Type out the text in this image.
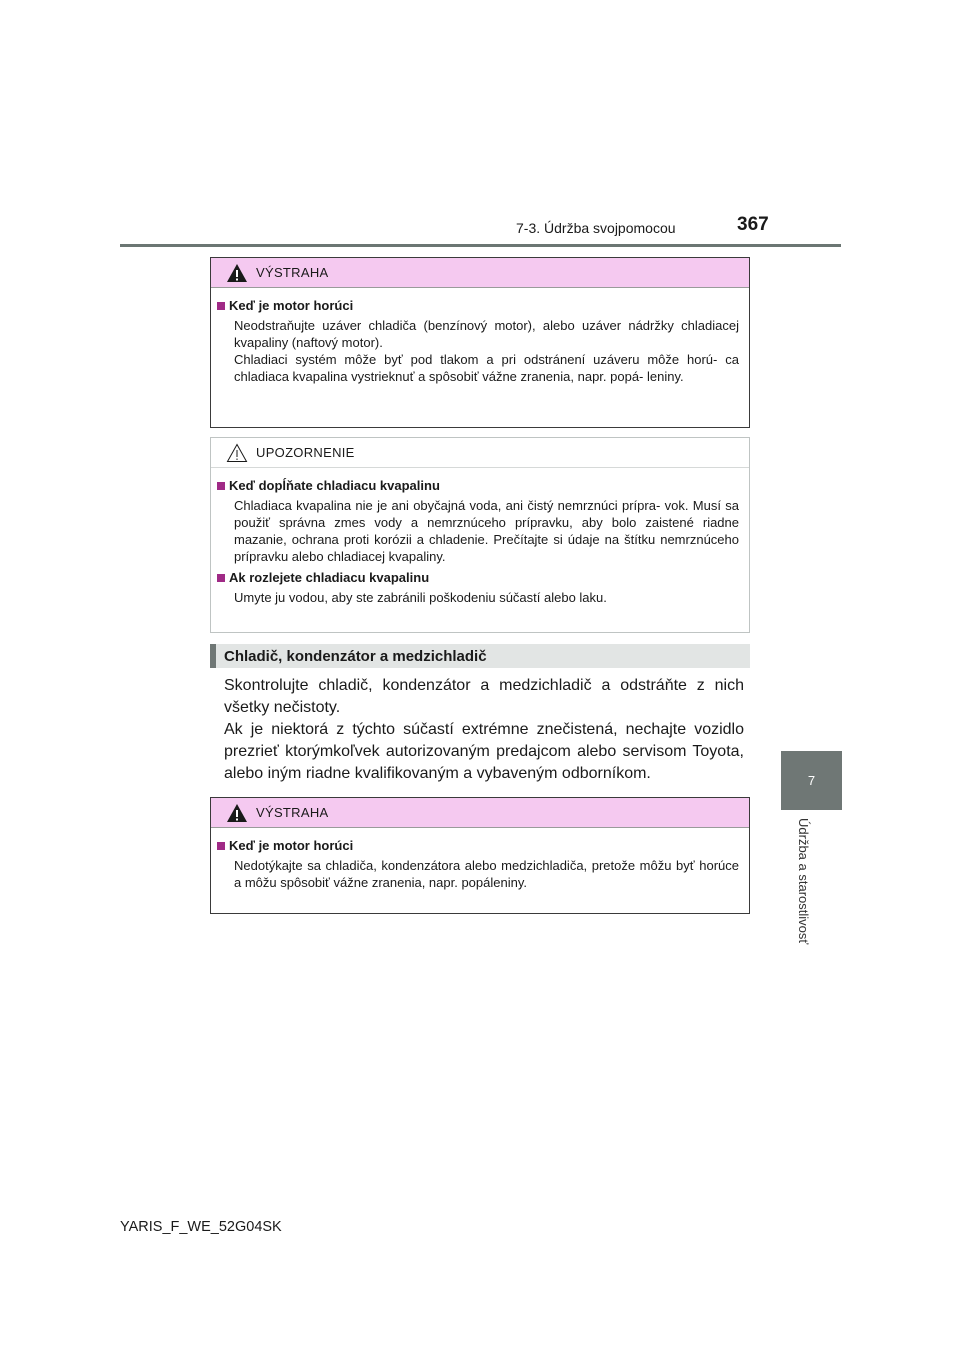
7-3. Údržba svojpomocou	367
7
Údržba a starostlivosť
VÝSTRAHA
Keď je motor horúci

Neodstraňujte uzáver chladiča (benzínový motor), alebo uzáver nádržky chladiacej kvapaliny (naftový motor).

Chladiaci systém môže byť pod tlakom a pri odstránení uzáveru môže horú- ca chladiaca kvapalina vystrieknuť a spôsobiť vážne zranenia, napr. popá- leniny.

UPOZORNENIE
Keď dopĺňate chladiacu kvapalinu

Chladiaca kvapalina nie je ani obyčajná voda, ani čistý nemrznúci prípra- vok. Musí sa použiť správna zmes vody a nemrznúceho prípravku, aby bolo zaistené riadne mazanie, ochrana proti korózii a chladenie. Prečítajte si údaje na štítku nemrznúceho prípravku alebo chladiacej kvapaliny.

Ak rozlejete chladiacu kvapalinu

Umyte ju vodou, aby ste zabránili poškodeniu súčastí alebo laku.

Chladič, kondenzátor a medzichladič

Skontrolujte chladič, kondenzátor a medzichladič a odstráňte z nich všetky nečistoty.

Ak je niektorá z týchto súčastí extrémne znečistená, nechajte vozidlo prezrieť ktorýmkoľvek autorizovaným predajcom alebo servisom Toyota, alebo iným riadne kvalifikovaným a vybaveným odborníkom.

VÝSTRAHA
Keď je motor horúci

Nedotýkajte sa chladiča, kondenzátora alebo medzichladiča, pretože môžu byť horúce a môžu spôsobiť vážne zranenia, napr. popáleniny.

YARIS_F_WE_52G04SK
